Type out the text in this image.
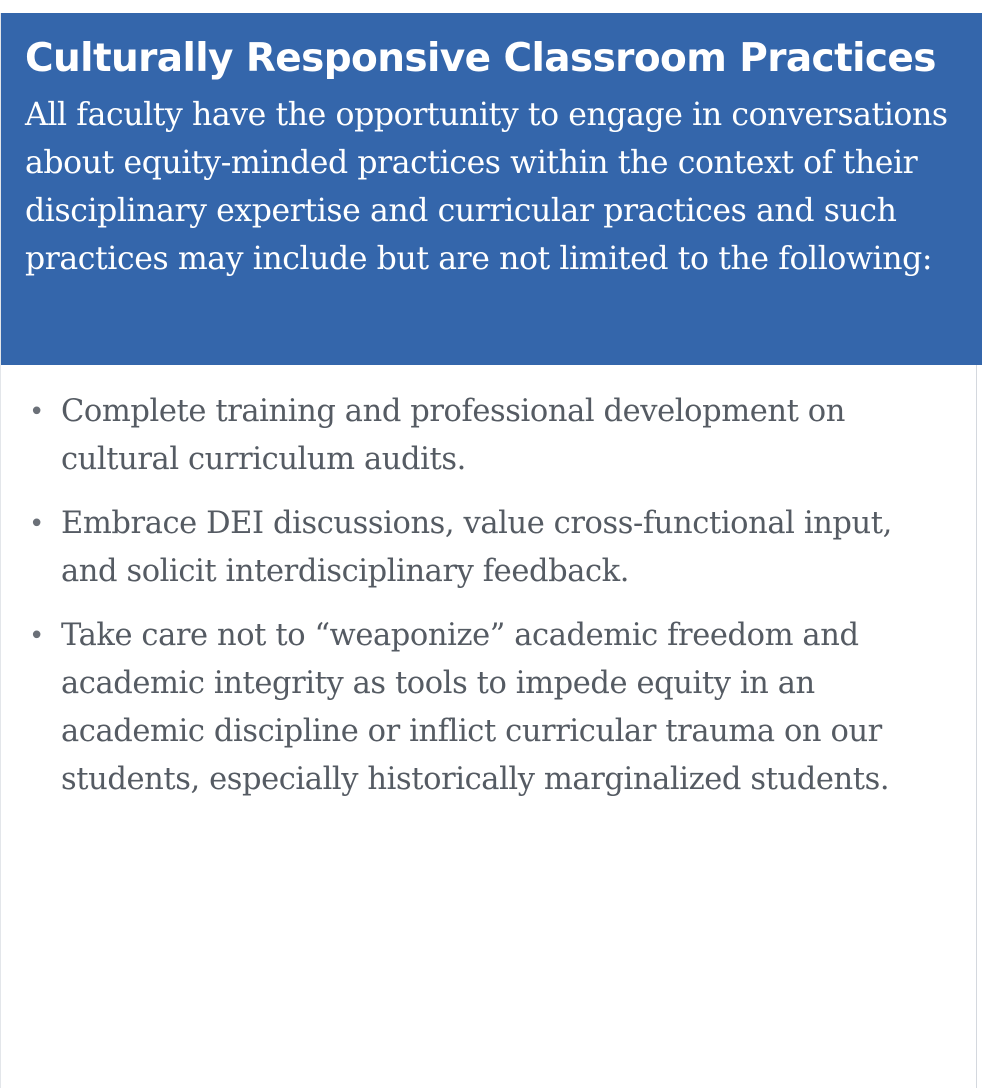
Culturally Responsive Classroom Practices

All faculty have the opportunity to engage in conversations about equity-minded practices within the context of their disciplinary expertise and curricular practices and such practices may include but are not limited to the following:

• Complete training and professional development on cultural curriculum audits.
• Embrace DEI discussions, value cross-functional input, and solicit interdisciplinary feedback.
• Take care not to “weaponize” academic freedom and academic integrity as tools to impede equity in an academic discipline or inflict curricular trauma on our students, especially historically marginalized students.
